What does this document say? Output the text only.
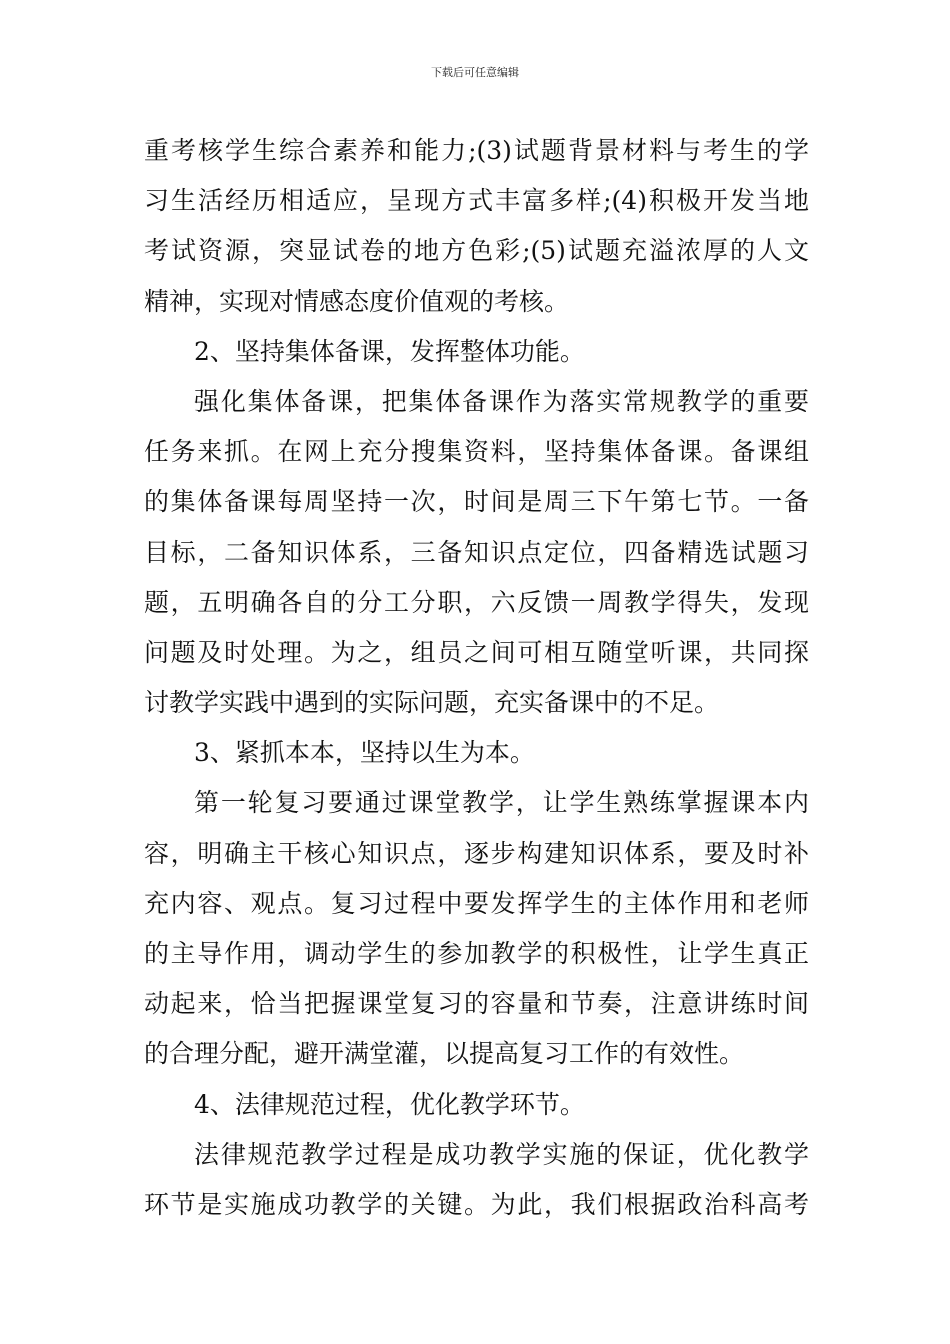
下载后可任意编辑
重考核学生综合素养和能力;(3)试题背景材料与考生的学
习生活经历相适应，呈现方式丰富多样;(4)积极开发当地
考试资源，突显试卷的地方色彩;(5)试题充溢浓厚的人文
精神，实现对情感态度价值观的考核。
2、坚持集体备课，发挥整体功能。
强化集体备课，把集体备课作为落实常规教学的重要
任务来抓。在网上充分搜集资料，坚持集体备课。备课组
的集体备课每周坚持一次，时间是周三下午第七节。一备
目标，二备知识体系，三备知识点定位，四备精选试题习
题，五明确各自的分工分职，六反馈一周教学得失，发现
问题及时处理。为之，组员之间可相互随堂听课，共同探
讨教学实践中遇到的实际问题，充实备课中的不足。
3、紧抓本本，坚持以生为本。
第一轮复习要通过课堂教学，让学生熟练掌握课本内
容，明确主干核心知识点，逐步构建知识体系，要及时补
充内容、观点。复习过程中要发挥学生的主体作用和老师
的主导作用，调动学生的参加教学的积极性，让学生真正
动起来，恰当把握课堂复习的容量和节奏，注意讲练时间
的合理分配，避开满堂灌，以提高复习工作的有效性。
4、法律规范过程，优化教学环节。
法律规范教学过程是成功教学实施的保证，优化教学
环节是实施成功教学的关键。为此，我们根据政治科高考
